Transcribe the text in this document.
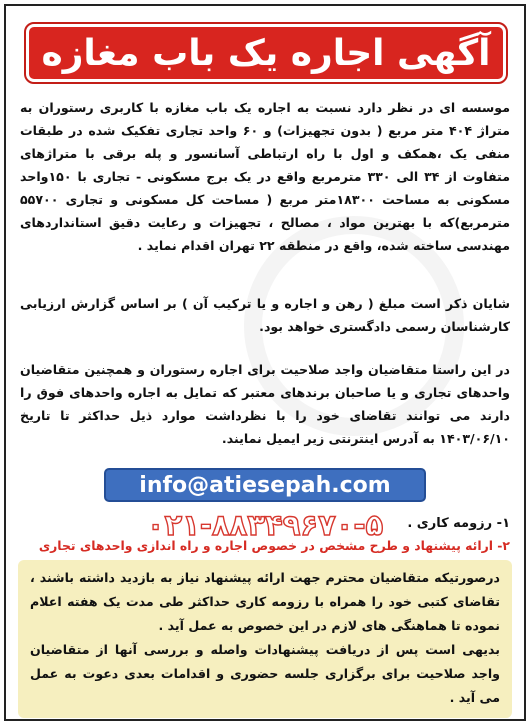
آگهی اجاره یک باب مغازه
موسسه ای در نظر دارد نسبت به اجاره یک باب مغازه با کاربری رستوران به متراژ ۴۰۴ متر مربع ( بدون تجهیزات) و ۶۰ واحد تجاری تفکیک شده در طبقات منفی یک ،همکف و اول با راه ارتباطی آسانسور و پله برقی با متراژهای متفاوت از ۳۴ الی ۳۳۰ مترمربع واقع در یک برج مسکونی - تجاری با ۱۵۰واحد مسکونی به مساحت ۱۸۳۰۰متر مربع ( مساحت کل مسکونی و تجاری ۵۵۷۰۰ مترمربع)که با بهترین مواد ، مصالح ، تجهیزات و رعایت دقیق استانداردهای مهندسی ساخته شده، واقع در منطقه ۲۲ تهران اقدام نماید .
شایان ذکر است مبلغ ( رهن و اجاره و یا ترکیب آن ) بر اساس گزارش ارزیابی کارشناسان رسمی دادگستری خواهد بود.
در این راستا متقاضیان واجد صلاحیت برای اجاره رستوران و همچنین متقاضیان واحدهای تجاری و یا صاحبان برندهای معتبر که تمایل به اجاره واحدهای فوق را دارند می توانند تقاضای خود را با نظرداشت موارد ذیل حداکثر تا تاریخ ۱۴۰۳/۰۶/۱۰ به آدرس اینترنتی زیر ایمیل نمایند.
info@atiesepah.com
۱- رزومه کاری .
۰۲۱-۸۸۳۴۹۶۷۰-۵
۲- ارائه پیشنهاد و طرح مشخص در خصوص اجاره و راه اندازی واحدهای تجاری
درصورتیکه متقاضیان محترم جهت ارائه پیشنهاد نیاز به بازدید داشته باشند ، تقاضای کتبی خود را همراه با رزومه کاری حداکثر طی مدت یک هفته اعلام نموده تا هماهنگی های لازم در این خصوص به عمل آید .
بدیهی است پس از دریافت پیشنهادات واصله و بررسی آنها از متقاضیان واجد صلاحیت برای برگزاری جلسه حضوری و اقدامات بعدی دعوت به عمل می آید .
